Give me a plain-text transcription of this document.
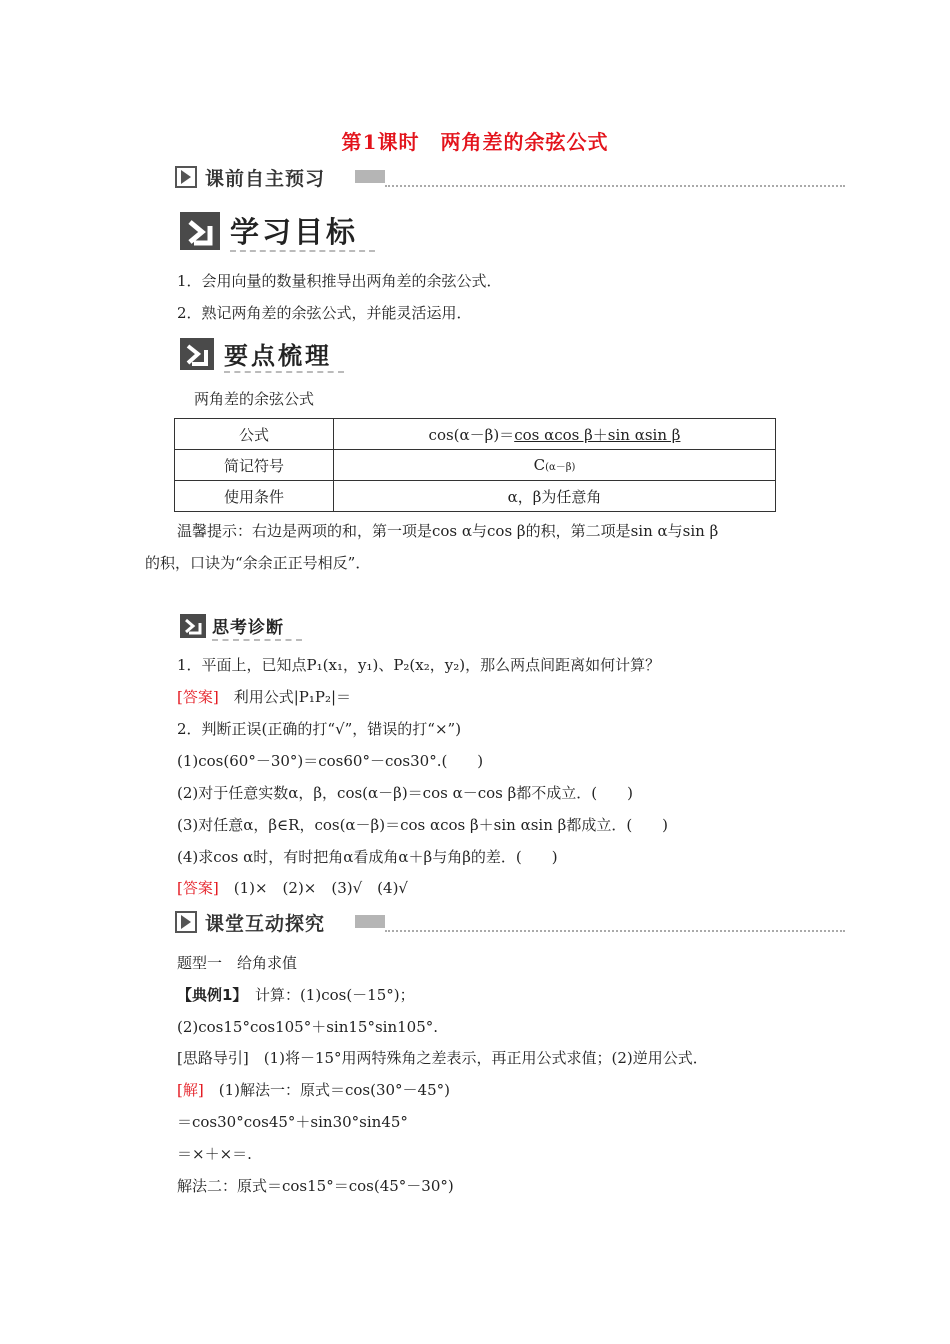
第1课时　两角差的余弦公式
课前自主预习
学习目标
1．会用向量的数量积推导出两角差的余弦公式．
2．熟记两角差的余弦公式，并能灵活运用．
要点梳理
两角差的余弦公式
公式	cos(α－β)＝cos αcos β＋sin αsin β
简记符号	C(α－β)
使用条件	α，β为任意角
温馨提示：右边是两项的和，第一项是cos α与cos β的积，第二项是sin α与sin β
的积，口诀为“余余正正号相反”．
思考诊断
1．平面上，已知点P₁(x₁，y₁)、P₂(x₂，y₂)，那么两点间距离如何计算？
[答案]　 利用公式|P₁P₂|＝
2．判断正误(正确的打“√”，错误的打“×”)
(1)cos(60°－30°)＝cos60°－cos30°.(　　)
(2)对于任意实数α，β，cos(α－β)＝cos α－cos β都不成立．(　　)
(3)对任意α，β∈R，cos(α－β)＝cos αcos β＋sin αsin β都成立．(　　)
(4)求cos α时，有时把角α看成角α＋β与角β的差．(　　)
[答案]　 (1)×　(2)×　(3)√　(4)√
课堂互动探究
题型一　给角求值
【典例1】　 计算：(1)cos(－15°)；
(2)cos15°cos105°＋sin15°sin105°.
[思路导引]　(1)将－15°用两特殊角之差表示，再正用公式求值；(2)逆用公式．
[解]　 (1)解法一：原式＝cos(30°－45°)
＝cos30°cos45°＋sin30°sin45°
＝×＋×＝.
解法二：原式＝cos15°＝cos(45°－30°)
